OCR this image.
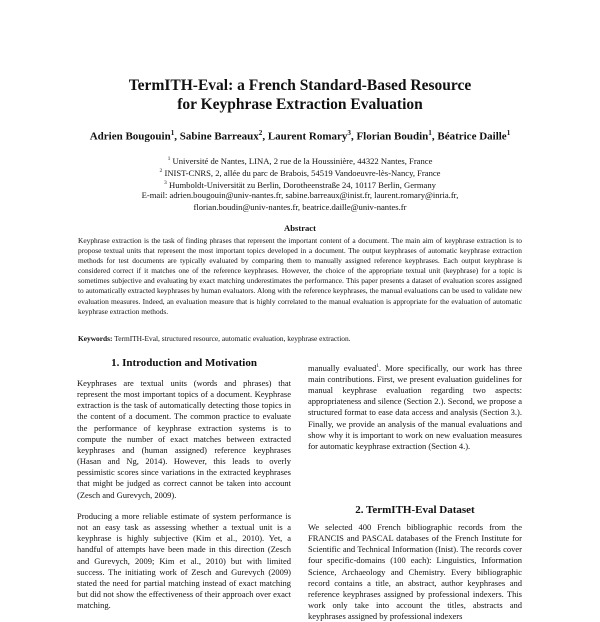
TermITH-Eval: a French Standard-Based Resource
for Keyphrase Extraction Evaluation
Adrien Bougouin$^1$, Sabine Barreaux$^2$, Laurent Romary$^3$, Florian Boudin$^1$, Béatrice Daille$^1$
$^1$ Université de Nantes, LINA, 2 rue de la Houssinière, 44322 Nantes, France
$^2$ INIST-CNRS, 2, allée du parc de Brabois, 54519 Vandoeuvre-lès-Nancy, France
$^3$ Humboldt-Universität zu Berlin, Dorotheenstraße 24, 10117 Berlin, Germany
E-mail: adrien.bougouin@univ-nantes.fr, sabine.barreaux@inist.fr, laurent.romary@inria.fr,
florian.boudin@univ-nantes.fr, beatrice.daille@univ-nantes.fr
Abstract
Keyphrase extraction is the task of finding phrases that represent the important content of a document. The main aim of keyphrase extraction is to propose textual units that represent the most important topics developed in a document. The output keyphrases of automatic keyphrase extraction methods for test documents are typically evaluated by comparing them to manually assigned reference keyphrases. Each output keyphrase is considered correct if it matches one of the reference keyphrases. However, the choice of the appropriate textual unit (keyphrase) for a topic is sometimes subjective and evaluating by exact matching underestimates the performance. This paper presents a dataset of evaluation scores assigned to automatically extracted keyphrases by human evaluators. Along with the reference keyphrases, the manual evaluations can be used to validate new evaluation measures. Indeed, an evaluation measure that is highly correlated to the manual evaluation is appropriate for the evaluation of automatic keyphrase extraction methods.
Keywords: TermITH-Eval, structured resource, automatic evaluation, keyphrase extraction.
1. Introduction and Motivation
Keyphrases are textual units (words and phrases) that represent the most important topics of a document. Keyphrase extraction is the task of automatically detecting those topics in the content of a document. The common practice to evaluate the performance of keyphrase extraction systems is to compute the number of exact matches between extracted keyphrases and (human assigned) reference keyphrases (Hasan and Ng, 2014). However, this leads to overly pessimistic scores since variations in the extracted keyphrases that might be judged as correct cannot be taken into account (Zesch and Gurevych, 2009).
Producing a more reliable estimate of system performance is not an easy task as assessing whether a textual unit is a keyphrase is highly subjective (Kim et al., 2010). Yet, a handful of attempts have been made in this direction (Zesch and Gurevych, 2009; Kim et al., 2010) but with limited success. The initiating work of Zesch and Gurevych (2009) stated the need for partial matching instead of exact matching but did not show the effectiveness of their approach over exact matching.
manually evaluated$^1$. More specifically, our work has three main contributions. First, we present evaluation guidelines for manual keyphrase evaluation regarding two aspects: appropriateness and silence (Section 2.). Second, we propose a structured format to ease data access and analysis (Section 3.). Finally, we provide an analysis of the manual evaluations and show why it is important to work on new evaluation measures for automatic keyphrase extraction (Section 4.).
2. TermITH-Eval Dataset
We selected 400 French bibliographic records from the FRANCIS and PASCAL databases of the French Institute for Scientific and Technical Information (Inist). The records cover four specific-domains (100 each): Linguistics, Information Science, Archaeology and Chemistry. Every bibliographic record contains a title, an abstract, author keyphrases and reference keyphrases assigned by professional indexers. This work only take into account the titles, abstracts and keyphrases assigned by professional indexers
